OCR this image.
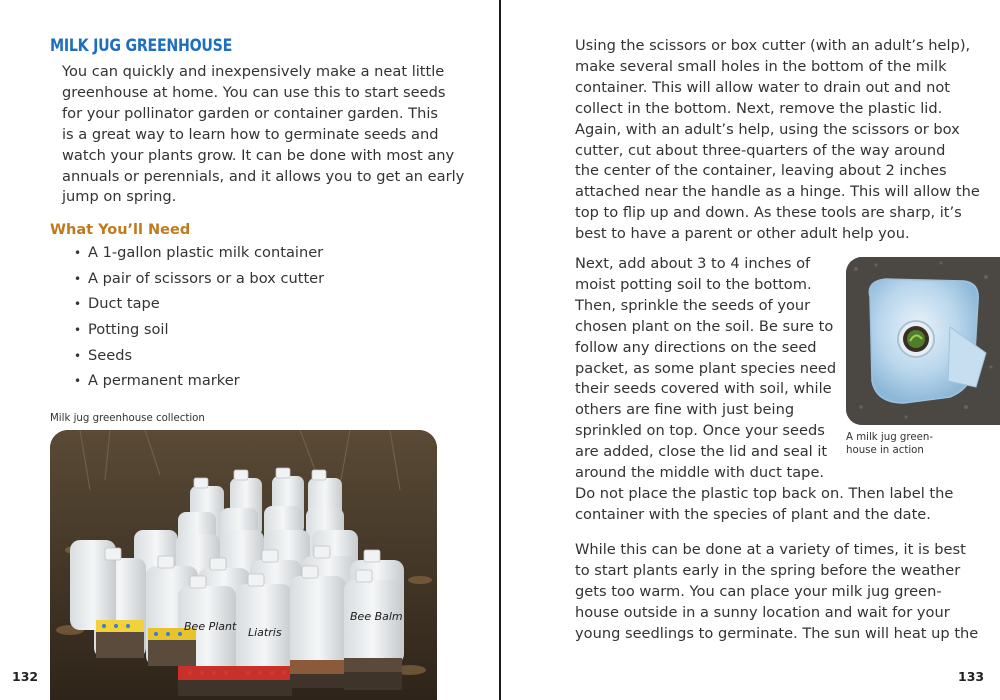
MILK JUG GREENHOUSE
You can quickly and inexpensively make a neat little
greenhouse at home. You can use this to start seeds
for your pollinator garden or container garden. This
is a great way to learn how to germinate seeds and
watch your plants grow. It can be done with most any
annuals or perennials, and it allows you to get an early
jump on spring.
What You’ll Need
• A 1-gallon plastic milk container
• A pair of scissors or a box cutter
• Duct tape
• Potting soil
• Seeds
• A permanent marker
Milk jug greenhouse collection
Bee Plant Liatris
Bee Balm
132
Using the scissors or box cutter (with an adult’s help),
make several small holes in the bottom of the milk
container. This will allow water to drain out and not
collect in the bottom. Next, remove the plastic lid.
Again, with an adult’s help, using the scissors or box
cutter, cut about three-quarters of the way around
the center of the container, leaving about 2 inches
attached near the handle as a hinge. This will allow the
top to flip up and down. As these tools are sharp, it’s
best to have a parent or other adult help you.
Next, add about 3 to 4 inches of
moist potting soil to the bottom.
Then, sprinkle the seeds of your
chosen plant on the soil. Be sure to
follow any directions on the seed
packet, as some plant species need
their seeds covered with soil, while
others are fine with just being
sprinkled on top. Once your seeds
are added, close the lid and seal it
around the middle with duct tape.
Do not place the plastic top back on. Then label the
container with the species of plant and the date.
While this can be done at a variety of times, it is best
to start plants early in the spring before the weather
gets too warm. You can place your milk jug green-
house outside in a sunny location and wait for your
young seedlings to germinate. The sun will heat up the
A milk jug green-
house in action
133
